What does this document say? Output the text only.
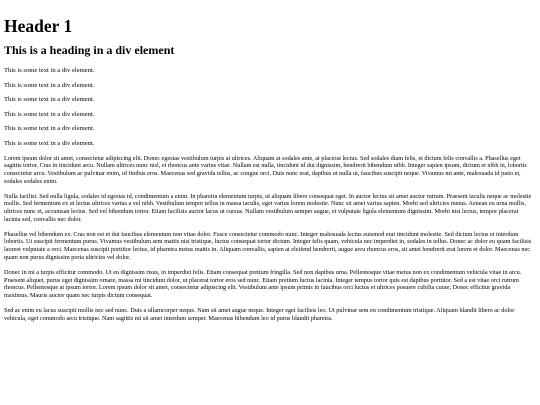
Header 1
This is a heading in a div element

This is some text in a div element.

This is some text in a div element.

This is some text in a div element.

This is some text in a div element.

This is some text in a div element.

This is some text in a div element.

Lorem ipsum dolor sit amet, consectetur adipiscing elit. Donec egestas vestibulum turpis at ultrices. Aliquam at sodales ante, at placerat lectus. Sed sodales diam felis, et dictum felis convallis a. Phasellus eget sagittis tortor. Cras in tincidunt arcu. Nullam ultrices nunc nisl, et rhoncus ante varius vitae. Nullam est nulla, tincidunt id dui dignissim, hendrerit bibendum nibh. Integer sapien ipsum, dictum et nibh in, lobortis consectetur arcu. Vestibulum ac pulvinar enim, id finibus eros. Maecenas sed gravida tellus, ac congue orci. Duis nunc erat, dapibus ut nulla ut, faucibus suscipit neque. Vivamus mi ante, malesuada id justo et, sodales sodales enim.

Nulla facilisi. Sed nulla ligula, sodales id egestas id, condimentum a enim. In pharetra elementum turpis, ut aliquam libero consequat eget. In auctor lectus sit amet auctor rutrum. Praesent iaculis neque ac molestie mollis. Sed fermentum ex ut lectus ultrices varius a vel nibh. Vestibulum tempor tellus in massa iaculis, eget varius lorem molestie. Nunc sit amet varius sapien. Morbi sed ultricies metus. Aenean eu urna mollis, ultrices nunc et, accumsan lectus. Sed vel bibendum tortor. Etiam facilisis auctor lacus ut cursus. Nullam vestibulum semper augue, et vulputate ligula elementum dignissim. Morbi nisi lectus, tempor placerat lacinia sed, convallis nec dolor.

Phasellus vel bibendum ex. Cras non est et dui faucibus elementum non vitae dolor. Fusce consectetur commodo nunc. Integer malesuada lectus euismod erat tincidunt molestie. Sed dictum lectus et interdum lobortis. Ut suscipit fermentum purus. Vivamus vestibulum sem mattis nisi tristique, luctus consequat tortor dictum. Integer felis quam, vehicula nec imperdiet in, sodales in tellus. Donec ac dolor eu quam facilisis laoreet vulputate a orci. Maecenas suscipit porttitor lectus, id pharetra metus mattis in. Aliquam convallis, sapien at eleifend hendrerit, augue arcu rhoncus eros, sit amet hendrerit erat lorem et dolor. Maecenas nec quam non purus dignissim porta ultricies vel dolor.

Donec in mi a turpis efficitur commodo. Ut eu dignissim risus, in imperdiet felis. Etiam consequat pretium fringilla. Sed non dapibus urna. Pellentesque vitae metus non ex condimentum vehicula vitae in arcu. Praesent aliquet, purus eget dignissim ornare, massa mi tincidunt dolor, ut placerat tortor eros sed nunc. Etiam pretium luctus lacinia. Integer tempus tortor quis est dapibus porttitor. Sed a est vitae orci rutrum rhoncus. Pellentesque at ipsum tortor. Lorem ipsum dolor sit amet, consectetur adipiscing elit. Vestibulum ante ipsum primis in faucibus orci luctus et ultrices posuere cubilia curae; Donec efficitur gravida maximus. Mauris auctor quam nec turpis dictum consequat.

Sed ac enim eu lacus suscipit mollis nec sed nunc. Duis a ullamcorper neque. Nam sit amet augue neque. Integer eget facilisis leo. Ut pulvinar sem eu condimentum tristique. Aliquam blandit libero ac dolor vehicula, eget commodo arcu tristique. Nam sagittis mi sit amet interdum semper. Maecenas bibendum leo id purus blandit pharetra.
